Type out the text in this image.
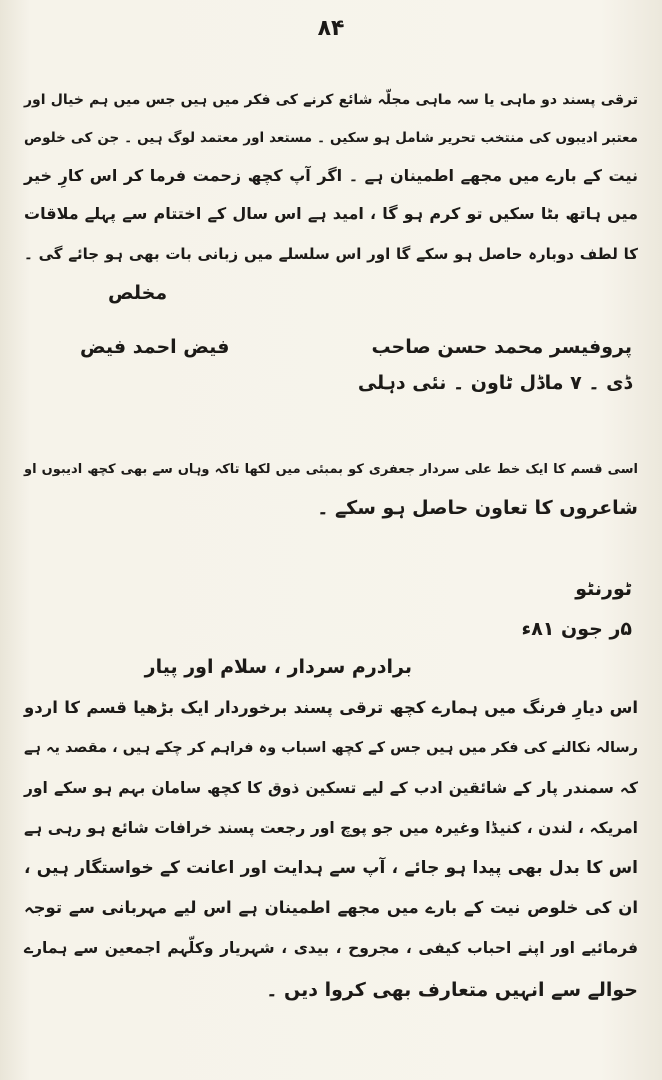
۸۴
ترقی پسند دو ماہی یا سہ ماہی مجلّہ شائع کرنے کی فکر میں ہیں جس میں ہم خیال اور
معتبر ادیبوں کی منتخب تحریر شامل ہو سکیں ۔ مستعد اور معتمد لوگ ہیں ۔ جن کی خلوص
نیت کے بارے میں مجھے اطمینان ہے ۔ اگر آپ کچھ زحمت فرما کر اس کارِ خیر
میں ہاتھ بٹا سکیں تو کرم ہو گا ، امید ہے اس سال کے اختتام سے پہلے ملاقات
کا لطف دوبارہ حاصل ہو سکے گا اور اس سلسلے میں زبانی بات بھی ہو جائے گی ۔
مخلص
پروفیسر محمد حسن صاحب
فیض احمد فیض
ڈی ۔ ۷ ماڈل ٹاون ۔ نئی دہلی
اسی قسم کا ایک خط علی سردار جعفری کو بمبئی میں لکھا تاکہ وہاں سے بھی کچھ ادیبوں او
شاعروں کا تعاون حاصل ہو سکے ۔
ٹورنٹو
۵ر جون ۸۱ء
برادرم سردار ، سلام اور پیار
اس دیارِ فرنگ میں ہمارے کچھ ترقی پسند برخوردار ایک بڑھیا قسم کا اردو
رسالہ نکالنے کی فکر میں ہیں جس کے کچھ اسباب وہ فراہم کر چکے ہیں ، مقصد یہ ہے
کہ سمندر پار کے شائقین ادب کے لیے تسکین ذوق کا کچھ سامان بہم ہو سکے اور
امریکہ ، لندن ، کنیڈا وغیرہ میں جو پوچ اور رجعت پسند خرافات شائع ہو رہی ہے
اس کا بدل بھی پیدا ہو جائے ، آپ سے ہدایت اور اعانت کے خواستگار ہیں ،
ان کی خلوص نیت کے بارے میں مجھے اطمینان ہے اس لیے مہربانی سے توجہ
فرمائیے اور اپنے احباب کیفی ، مجروح ، بیدی ، شہریار وکلّہم اجمعین سے ہمارے
حوالے سے انہیں متعارف بھی کروا دیں ۔
